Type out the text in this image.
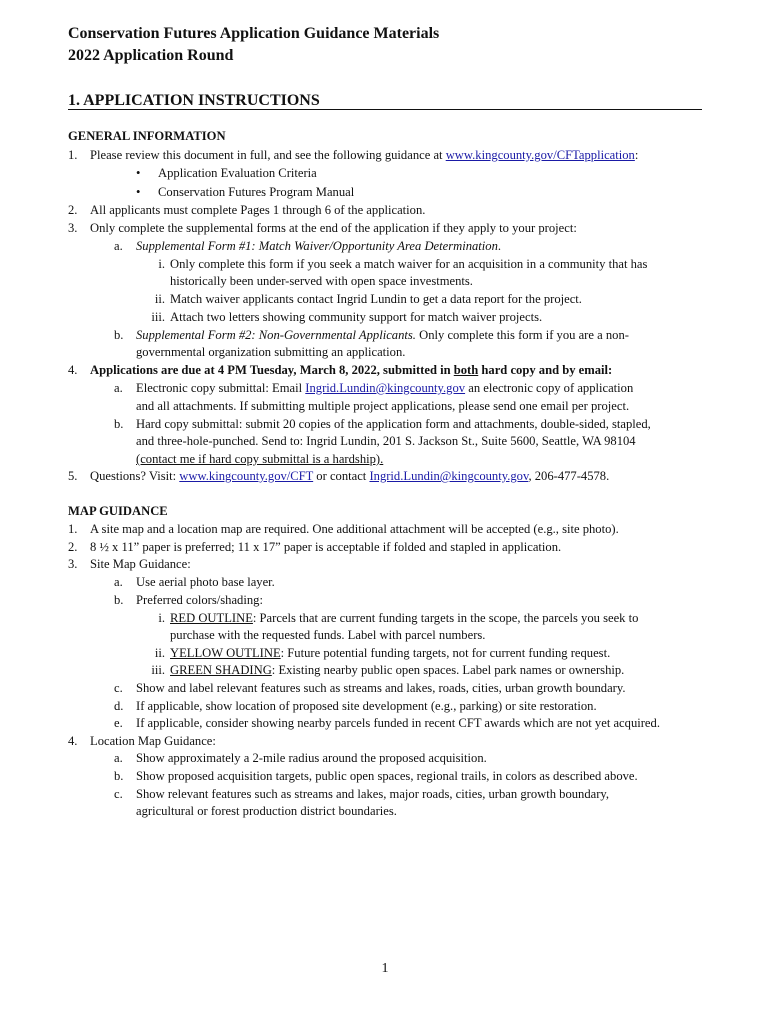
Conservation Futures Application Guidance Materials
2022 Application Round
1. APPLICATION INSTRUCTIONS
GENERAL INFORMATION
1. Please review this document in full, and see the following guidance at www.kingcounty.gov/CFTapplication:
• Application Evaluation Criteria
• Conservation Futures Program Manual
2. All applicants must complete Pages 1 through 6 of the application.
3. Only complete the supplemental forms at the end of the application if they apply to your project:
a. Supplemental Form #1: Match Waiver/Opportunity Area Determination.
i. Only complete this form if you seek a match waiver for an acquisition in a community that has
historically been under-served with open space investments.
ii. Match waiver applicants contact Ingrid Lundin to get a data report for the project.
iii. Attach two letters showing community support for match waiver projects.
b. Supplemental Form #2: Non-Governmental Applicants. Only complete this form if you are a non-
governmental organization submitting an application.
4. Applications are due at 4 PM Tuesday, March 8, 2022, submitted in both hard copy and by email:
a. Electronic copy submittal: Email Ingrid.Lundin@kingcounty.gov an electronic copy of application
and all attachments. If submitting multiple project applications, please send one email per project.
b. Hard copy submittal: submit 20 copies of the application form and attachments, double-sided, stapled,
and three-hole-punched. Send to: Ingrid Lundin, 201 S. Jackson St., Suite 5600, Seattle, WA 98104
(contact me if hard copy submittal is a hardship).
5. Questions? Visit: www.kingcounty.gov/CFT or contact Ingrid.Lundin@kingcounty.gov, 206-477-4578.
MAP GUIDANCE
1. A site map and a location map are required. One additional attachment will be accepted (e.g., site photo).
2. 8 ½ x 11” paper is preferred; 11 x 17” paper is acceptable if folded and stapled in application.
3. Site Map Guidance:
a. Use aerial photo base layer.
b. Preferred colors/shading:
i. RED OUTLINE: Parcels that are current funding targets in the scope, the parcels you seek to
purchase with the requested funds. Label with parcel numbers.
ii. YELLOW OUTLINE: Future potential funding targets, not for current funding request.
iii. GREEN SHADING: Existing nearby public open spaces. Label park names or ownership.
c. Show and label relevant features such as streams and lakes, roads, cities, urban growth boundary.
d. If applicable, show location of proposed site development (e.g., parking) or site restoration.
e. If applicable, consider showing nearby parcels funded in recent CFT awards which are not yet acquired.
4. Location Map Guidance:
a. Show approximately a 2-mile radius around the proposed acquisition.
b. Show proposed acquisition targets, public open spaces, regional trails, in colors as described above.
c. Show relevant features such as streams and lakes, major roads, cities, urban growth boundary,
agricultural or forest production district boundaries.
1
